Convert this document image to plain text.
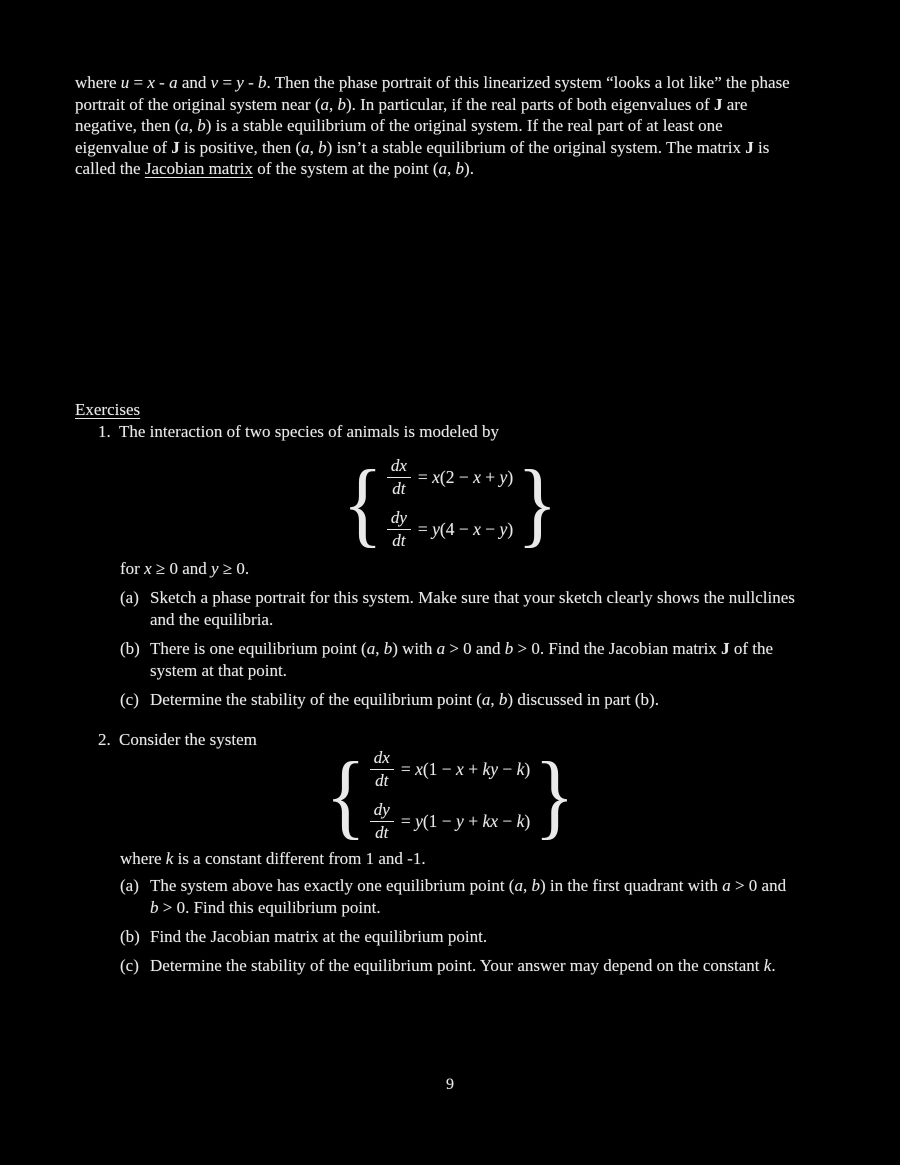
where u = x - a and v = y - b. Then the phase portrait of this linearized system “looks a lot like” the phase
portrait of the original system near (a, b). In particular, if the real parts of both eigenvalues of J are
negative, then (a, b) is a stable equilibrium of the original system. If the real part of at least one
eigenvalue of J is positive, then (a, b) isn’t a stable equilibrium of the original system. The matrix J is
called the Jacobian matrix of the system at the point (a, b).

Exercises
1. The interaction of two species of animals is modeled by
{ $\frac{dx}{dt} = x(2 - x + y)$
$\frac{dy}{dt} = y(4 - x - y)$ }
for x ≥ 0 and y ≥ 0.
(a) Sketch a phase portrait for this system. Make sure that your sketch clearly shows the nullclines
and the equilibria.
(b) There is one equilibrium point (a, b) with a > 0 and b > 0. Find the Jacobian matrix J of the
system at that point.
(c) Determine the stability of the equilibrium point (a, b) discussed in part (b).
2. Consider the system
{ $\frac{dx}{dt} = x(1 - x$ + ky − k)
$\frac{dy}{dt} = y(1 - y$ + kx − k) }
where k is a constant different from 1 and -1.
(a) The system above has exactly one equilibrium point (a, b) in the first quadrant with a > 0 and
b > 0. Find this equilibrium point.
(b) Find the Jacobian matrix at the equilibrium point.
(c) Determine the stability of the equilibrium point. Your answer may depend on the constant k.
9
